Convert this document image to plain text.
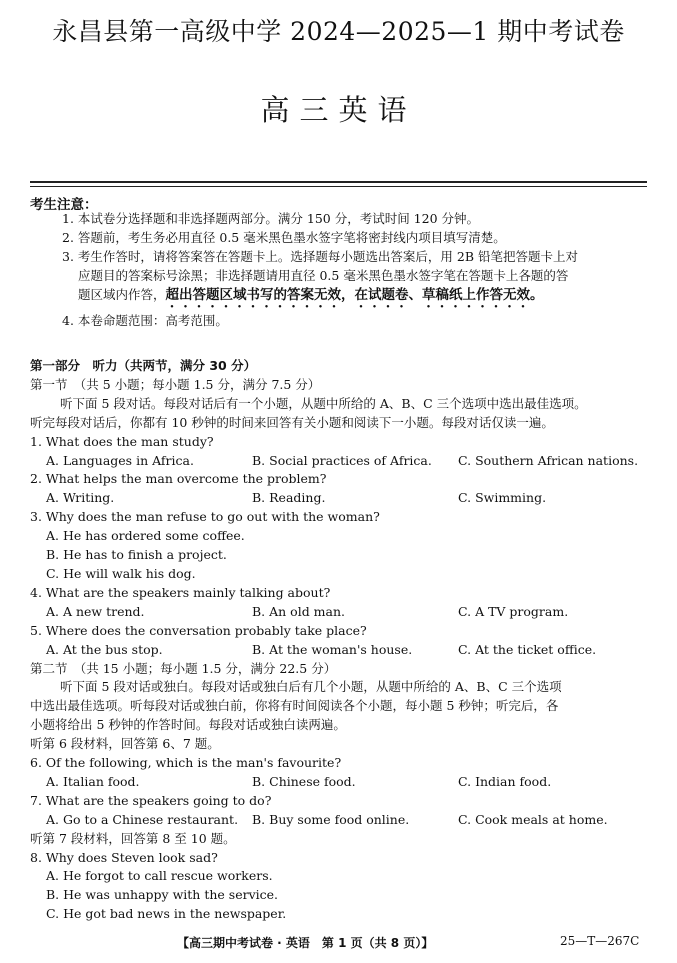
永昌县第一高级中学 2024—2025—1 期中考试卷
高三英语
考生注意：
1. 本试卷分选择题和非选择题两部分。满分 150 分，考试时间 120 分钟。
2. 答题前，考生务必用直径 0.5 毫米黑色墨水签字笔将密封线内项目填写清楚。
3. 考生作答时，请将答案答在答题卡上。选择题每小题选出答案后，用 2B 铅笔把答题卡上对
应题目的答案标号涂黑；非选择题请用直径 0.5 毫米黑色墨水签字笔在答题卡上各题的答
题区域内作答，超出答题区域书写的答案无效，在试题卷、草稿纸上作答无效。
4. 本卷命题范围：高考范围。
第一部分　听力（共两节，满分 30 分）
第一节　（共 5 小题；每小题 1.5 分，满分 7.5 分）
听下面 5 段对话。每段对话后有一个小题，从题中所给的 A、B、C 三个选项中选出最佳选项。
听完每段对话后，你都有 10 秒钟的时间来回答有关小题和阅读下一小题。每段对话仅读一遍。
1. What does the man study?
A. Languages in Africa.	B. Social practices of Africa.	C. Southern African nations.
2. What helps the man overcome the problem?
A. Writing.	B. Reading.	C. Swimming.
3. Why does the man refuse to go out with the woman?
A. He has ordered some coffee.
B. He has to finish a project.
C. He will walk his dog.
4. What are the speakers mainly talking about?
A. A new trend.	B. An old man.	C. A TV program.
5. Where does the conversation probably take place?
A. At the bus stop.	B. At the woman's house.	C. At the ticket office.
第二节　（共 15 小题；每小题 1.5 分，满分 22.5 分）
听下面 5 段对话或独白。每段对话或独白后有几个小题，从题中所给的 A、B、C 三个选项
中选出最佳选项。听每段对话或独白前，你将有时间阅读各个小题，每小题 5 秒钟；听完后，各
小题将给出 5 秒钟的作答时间。每段对话或独白读两遍。
听第 6 段材料，回答第 6、7 题。
6. Of the following, which is the man's favourite?
A. Italian food.	B. Chinese food.	C. Indian food.
7. What are the speakers going to do?
A. Go to a Chinese restaurant.	B. Buy some food online.	C. Cook meals at home.
听第 7 段材料，回答第 8 至 10 题。
8. Why does Steven look sad?
A. He forgot to call rescue workers.
B. He was unhappy with the service.
C. He got bad news in the newspaper.
【高三期中考试卷 · 英语　第 1 页（共 8 页）】	25—T—267C
